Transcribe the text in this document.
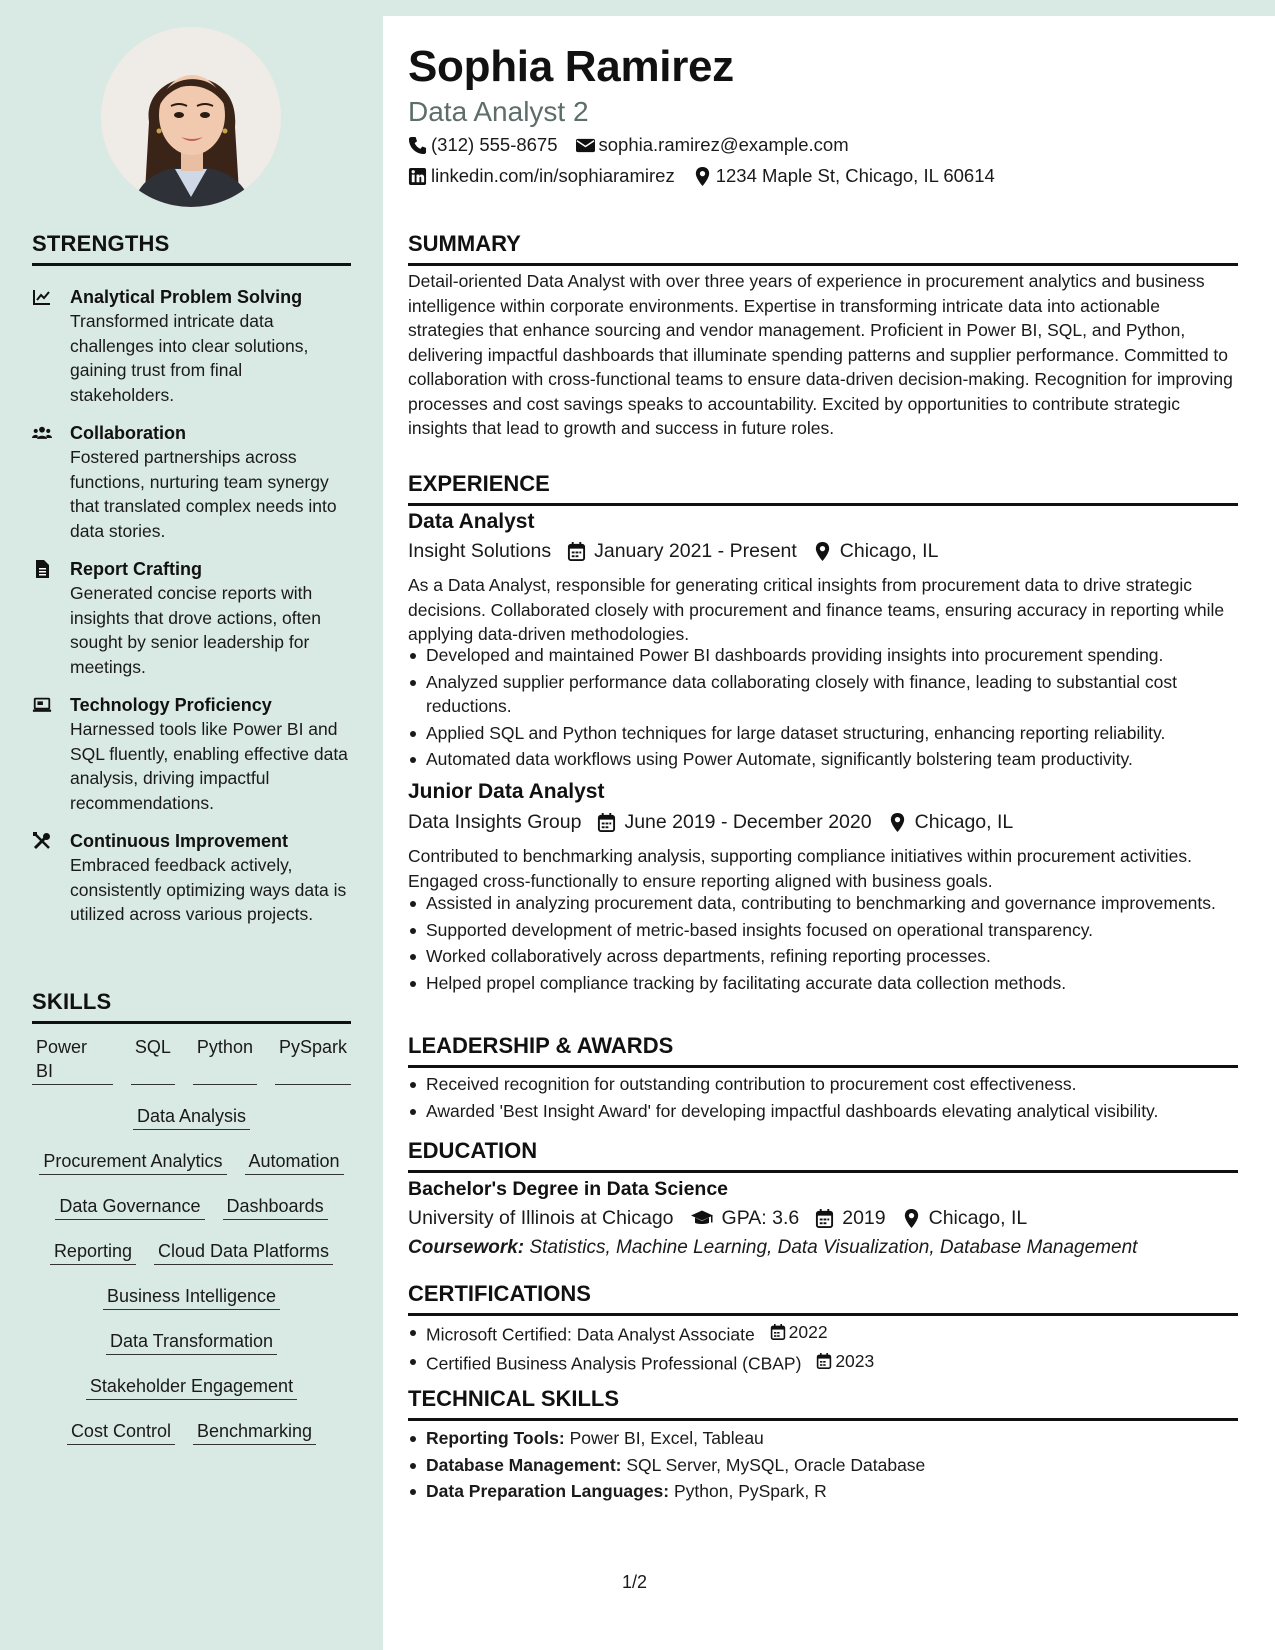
STRENGTHS
Analytical Problem Solving
Transformed intricate data challenges into clear solutions, gaining trust from final stakeholders.
Collaboration
Fostered partnerships across functions, nurturing team synergy that translated complex needs into data stories.
Report Crafting
Generated concise reports with insights that drove actions, often sought by senior leadership for meetings.
Technology Proficiency
Harnessed tools like Power BI and SQL fluently, enabling effective data analysis, driving impactful recommendations.
Continuous Improvement
Embraced feedback actively, consistently optimizing ways data is utilized across various projects.
SKILLS
Power BI
SQL Python PySpark
Data Analysis
Procurement Analytics Automation
Data Governance Dashboards
Reporting Cloud Data Platforms
Business Intelligence
Data Transformation
Stakeholder Engagement
Cost Control Benchmarking
Sophia Ramirez
Data Analyst 2
(312) 555-8675 sophia.ramirez@example.com
linkedin.com/in/sophiaramirez 1234 Maple St, Chicago, IL 60614
SUMMARY
Detail-oriented Data Analyst with over three years of experience in procurement analytics and business intelligence within corporate environments. Expertise in transforming intricate data into actionable strategies that enhance sourcing and vendor management. Proficient in Power BI, SQL, and Python, delivering impactful dashboards that illuminate spending patterns and supplier performance. Committed to collaboration with cross-functional teams to ensure data-driven decision-making. Recognition for improving processes and cost savings speaks to accountability. Excited by opportunities to contribute strategic insights that lead to growth and success in future roles.
EXPERIENCE
Data Analyst
Insight Solutions January 2021 - Present Chicago, IL
As a Data Analyst, responsible for generating critical insights from procurement data to drive strategic decisions. Collaborated closely with procurement and finance teams, ensuring accuracy in reporting while applying data-driven methodologies.
Developed and maintained Power BI dashboards providing insights into procurement spending.
Analyzed supplier performance data collaborating closely with finance, leading to substantial cost reductions.
Applied SQL and Python techniques for large dataset structuring, enhancing reporting reliability.
Automated data workflows using Power Automate, significantly bolstering team productivity.
Junior Data Analyst
Data Insights Group June 2019 - December 2020 Chicago, IL
Contributed to benchmarking analysis, supporting compliance initiatives within procurement activities. Engaged cross-functionally to ensure reporting aligned with business goals.
Assisted in analyzing procurement data, contributing to benchmarking and governance improvements.
Supported development of metric-based insights focused on operational transparency.
Worked collaboratively across departments, refining reporting processes.
Helped propel compliance tracking by facilitating accurate data collection methods.
LEADERSHIP & AWARDS
Received recognition for outstanding contribution to procurement cost effectiveness.
Awarded 'Best Insight Award' for developing impactful dashboards elevating analytical visibility.
EDUCATION
Bachelor's Degree in Data Science
University of Illinois at Chicago GPA: 3.6 2019 Chicago, IL
Coursework: Statistics, Machine Learning, Data Visualization, Database Management
CERTIFICATIONS
Microsoft Certified: Data Analyst Associate 2022
Certified Business Analysis Professional (CBAP) 2023
TECHNICAL SKILLS
Reporting Tools: Power BI, Excel, Tableau
Database Management: SQL Server, MySQL, Oracle Database
Data Preparation Languages: Python, PySpark, R
1/2
